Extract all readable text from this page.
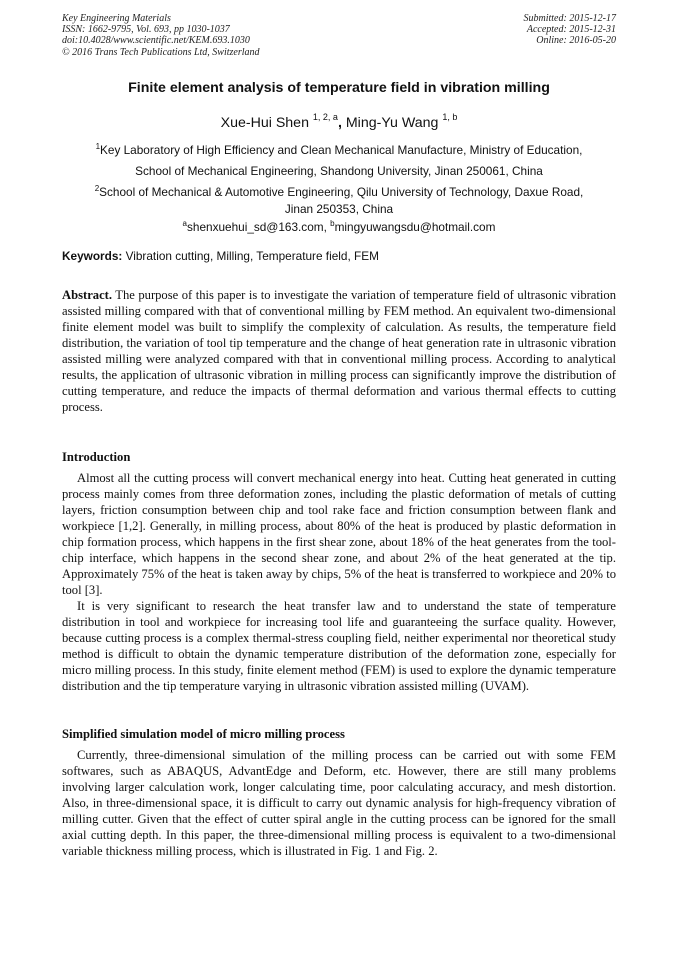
Key Engineering Materials
ISSN: 1662-9795, Vol. 693, pp 1030-1037
doi:10.4028/www.scientific.net/KEM.693.1030
© 2016 Trans Tech Publications Ltd, Switzerland
Submitted: 2015-12-17
Accepted: 2015-12-31
Online: 2016-05-20
Finite element analysis of temperature field in vibration milling
Xue-Hui Shen $^{1, 2, a}$, Ming-Yu Wang $^{1, b}$
$^1$Key Laboratory of High Efficiency and Clean Mechanical Manufacture, Ministry of Education,
School of Mechanical Engineering, Shandong University, Jinan 250061, China
$^2$School of Mechanical & Automotive Engineering, Qilu University of Technology, Daxue Road,
Jinan 250353, China
$^a$shenxuehui_sd@163.com, $^b$mingyuwangsdu@hotmail.com
Keywords: Vibration cutting, Milling, Temperature field, FEM
Abstract. The purpose of this paper is to investigate the variation of temperature field of ultrasonic vibration assisted milling compared with that of conventional milling by FEM method. An equivalent two-dimensional finite element model was built to simplify the complexity of calculation. As results, the temperature field distribution, the variation of tool tip temperature and the change of heat generation rate in ultrasonic vibration assisted milling were analyzed compared with that in conventional milling process. According to analytical results, the application of ultrasonic vibration in milling process can significantly improve the distribution of cutting temperature, and reduce the impacts of thermal deformation and various thermal effects to cutting process.
Introduction
Almost all the cutting process will convert mechanical energy into heat. Cutting heat generated in cutting process mainly comes from three deformation zones, including the plastic deformation of metals of cutting layers, friction consumption between chip and tool rake face and friction consumption between flank and workpiece [1,2]. Generally, in milling process, about 80% of the heat is produced by plastic deformation in chip formation process, which happens in the first shear zone, about 18% of the heat generates from the tool- chip interface, which happens in the second shear zone, and about 2% of the heat generated at the tip. Approximately 75% of the heat is taken away by chips, 5% of the heat is transferred to workpiece and 20% to tool [3].
It is very significant to research the heat transfer law and to understand the state of temperature distribution in tool and workpiece for increasing tool life and guaranteeing the surface quality. However, because cutting process is a complex thermal-stress coupling field, neither experimental nor theoretical study method is difficult to obtain the dynamic temperature distribution of the deformation zone, especially for micro milling process. In this study, finite element method (FEM) is used to explore the dynamic temperature distribution and the tip temperature varying in ultrasonic vibration assisted milling (UVAM).
Simplified simulation model of micro milling process
Currently, three-dimensional simulation of the milling process can be carried out with some FEM softwares, such as ABAQUS, AdvantEdge and Deform, etc. However, there are still many problems involving larger calculation work, longer calculating time, poor calculating accuracy, and mesh distortion. Also, in three-dimensional space, it is difficult to carry out dynamic analysis for high-frequency vibration of milling cutter. Given that the effect of cutter spiral angle in the cutting process can be ignored for the small axial cutting depth. In this paper, the three-dimensional milling process is equivalent to a two-dimensional variable thickness milling process, which is illustrated in Fig. 1 and Fig. 2.
